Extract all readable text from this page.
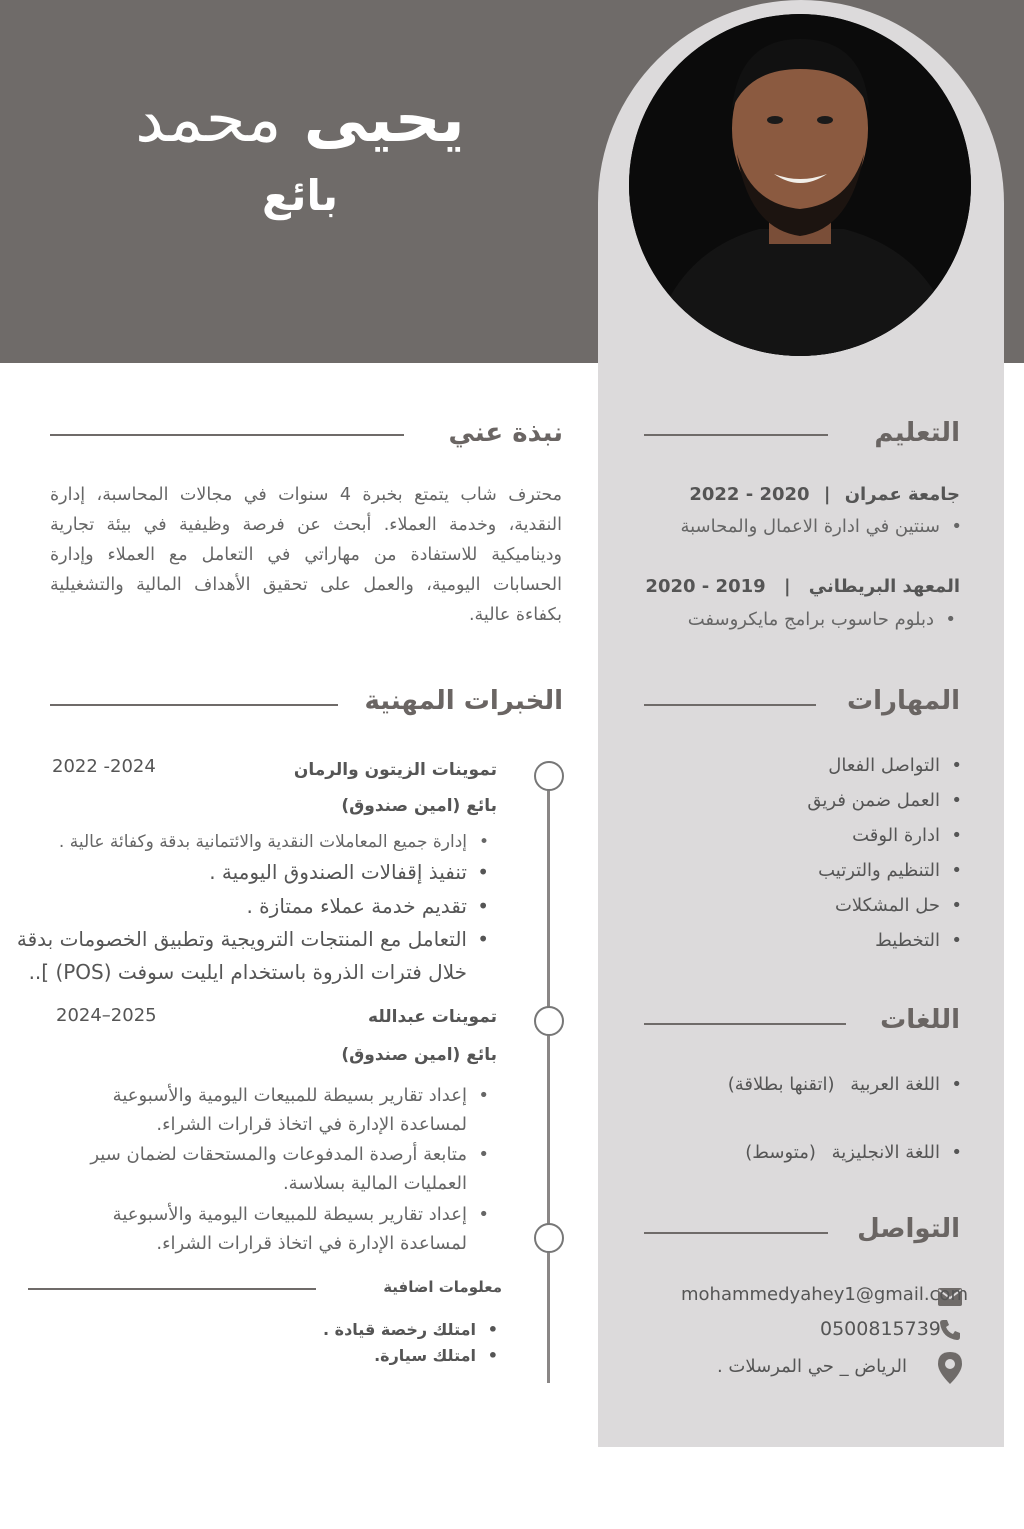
يحيى محمد
بائع
نبذة عني
محترف شاب يتمتع بخبرة 4 سنوات في مجالات المحاسبة، إدارة النقدية، وخدمة العملاء. أبحث عن فرصة وظيفية في بيئة تجارية وديناميكية للاستفادة من مهاراتي في التعامل مع العملاء وإدارة الحسابات اليومية، والعمل على تحقيق الأهداف المالية والتشغيلية بكفاءة عالية.
التعليم
جامعة عمران | 2020 - 2022
سنتين في ادارة الاعمال والمحاسبة •
المعهد البريطاني | 2019 - 2020
دبلوم حاسوب برامج مايكروسفت •
المهارات
التواصل الفعال •
العمل ضمن فريق •
ادارة الوقت •
التنظيم والترتيب •
حل المشكلات •
التخطيط •
اللغات
اللغة العربية (اتقنها بطلاقة) •
اللغة الانجليزية (متوسط) •
التواصل
mohammedyahey1@gmail.com
0500815739
الرياض _ حي المرسلات .
الخبرات المهنية
تموينات الزيتون والرمان
2022 -2024
بائع (امين صندوق)
إدارة جميع المعاملات النقدية والائتمانية بدقة وكفائة عالية . •
تنفيذ إقفالات الصندوق اليومية . •
تقديم خدمة عملاء ممتازة . •
التعامل مع المنتجات الترويجية وتطبيق الخصومات بدقة •
خلال فترات الذروة باستخدام ايليت سوفت (POS) ]..
تموينات عبدالله
2024–2025
بائع (امين صندوق)
إعداد تقارير بسيطة للمبيعات اليومية والأسبوعية •
لمساعدة الإدارة في اتخاذ قرارات الشراء.
متابعة أرصدة المدفوعات والمستحقات لضمان سير •
العمليات المالية بسلاسة.
إعداد تقارير بسيطة للمبيعات اليومية والأسبوعية •
لمساعدة الإدارة في اتخاذ قرارات الشراء.
معلومات اضافية
امتلك رخصة قيادة . •
امتلك سيارة. •
